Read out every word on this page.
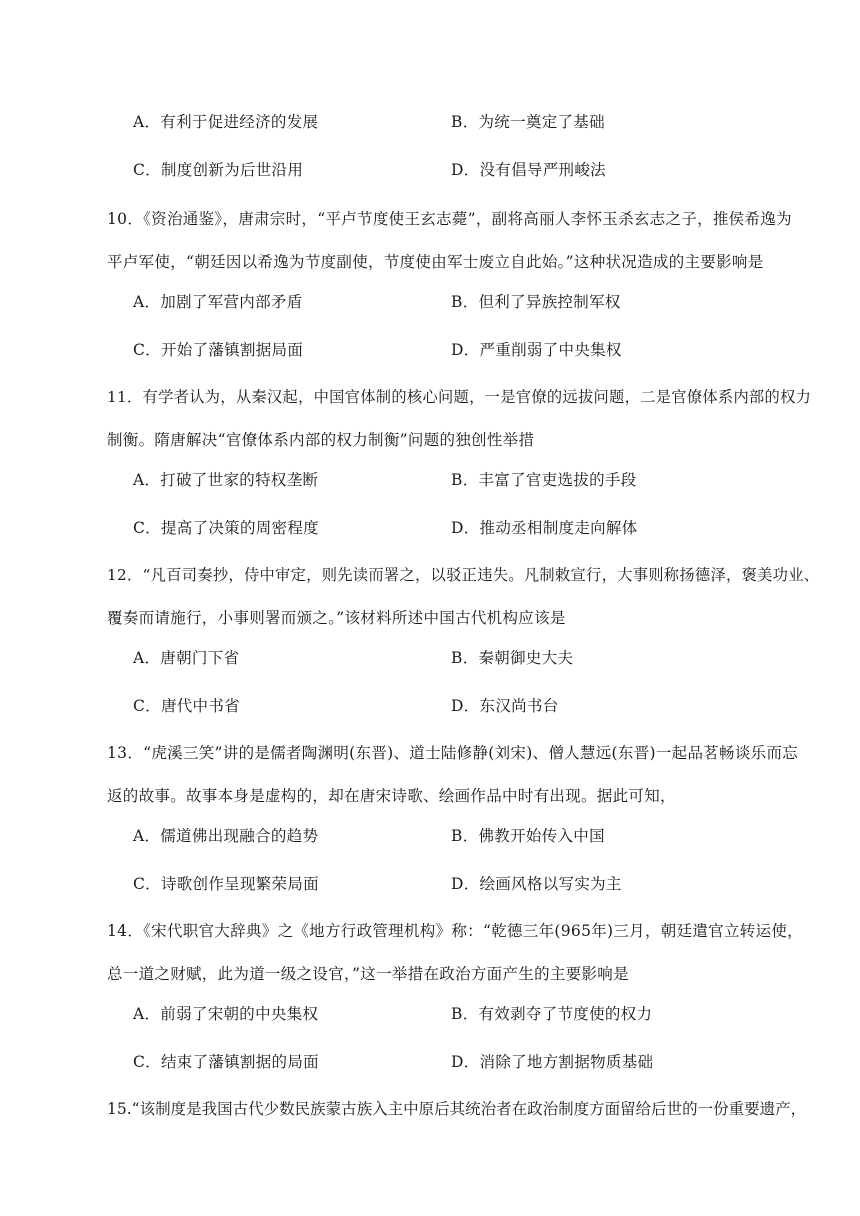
A．有利于促进经济的发展	B．为统一奠定了基础
C．制度创新为后世沿用	D．没有倡导严刑峻法
10．《资治通鉴》，唐肃宗时，“平卢节度使王玄志薨”，副将高丽人李怀玉杀玄志之子，推侯希逸为
平卢军使，“朝廷因以希逸为节度副使，节度使由军士废立自此始。”这种状况造成的主要影响是
A．加剧了军营内部矛盾	B．但利了异族控制军权
C．开始了藩镇割据局面	D．严重削弱了中央集权
11．有学者认为，从秦汉起，中国官体制的核心问题，一是官僚的远拔问题，二是官僚体系内部的权力
制衡。隋唐解决“官僚体系内部的权力制衡”问题的独创性举措
A．打破了世家的特权垄断	B．丰富了官吏选拔的手段
C．提高了决策的周密程度	D．推动丞相制度走向解体
12．“凡百司奏抄，侍中审定，则先读而署之，以驳正违失。凡制敕宣行，大事则称扬德泽，褒美功业、
覆奏而请施行，小事则署而颁之。”该材料所述中国古代机构应该是
A．唐朝门下省	B．秦朝御史大夫
C．唐代中书省	D．东汉尚书台
13．“虎溪三笑”讲的是儒者陶渊明(东晋)、道士陆修静(刘宋)、僧人慧远(东晋)一起品茗畅谈乐而忘
返的故事。故事本身是虚构的，却在唐宋诗歌、绘画作品中时有出现。据此可知，
A．儒道佛出现融合的趋势	B．佛教开始传入中国
C．诗歌创作呈现繁荣局面	D．绘画风格以写实为主
14．《宋代职官大辞典》之《地方行政管理机构》称：“乾德三年(965年)三月，朝廷遣官立转运使，
总一道之财赋，此为道一级之设官，”这一举措在政治方面产生的主要影响是
A．前弱了宋朝的中央集权	B．有效剥夺了节度使的权力
C．结束了藩镇割据的局面	D．消除了地方割据物质基础
15.“该制度是我国古代少数民族蒙古族入主中原后其统治者在政治制度方面留给后世的一份重要遗产，
